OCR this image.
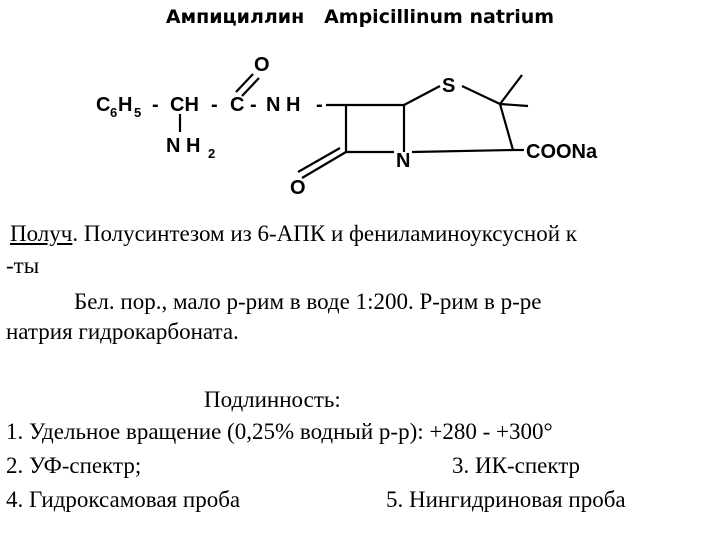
Ампициллин Ampicillinum natrium
C 6 H 5 - CH - C - N H -
O
N H 2
S
N
O
COONa
Получ. Полусинтезом из 6-АПК и фениламиноуксусной к
-ты
Бел. пор., мало р-рим в воде 1:200. Р-рим в р-ре
натрия гидрокарбоната.
Подлинность:
1. Удельное вращение (0,25% водный р-р): +280 - +300°
2. УФ-спектр;	3. ИК-спектр
4. Гидроксамовая проба	5. Нингидриновая проба
